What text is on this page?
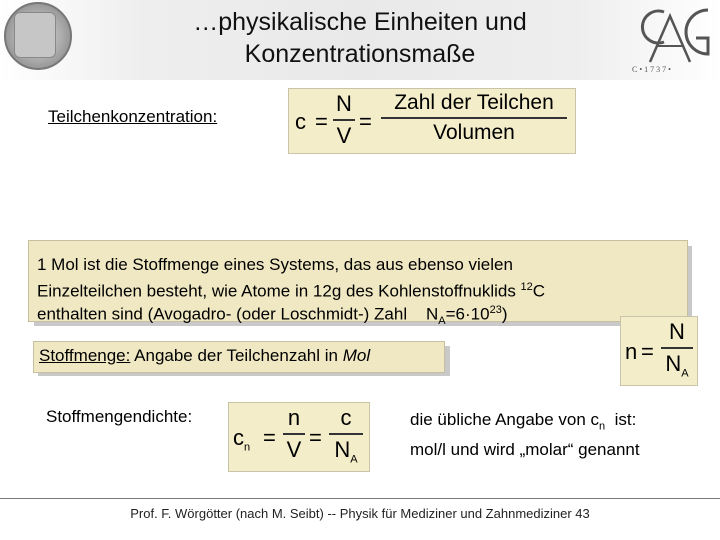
…physikalische Einheiten und
Konzentrationsmaße
C • 1 7 3 7 •
Teilchenkonzentration:	c =
N
V
=
Zahl der Teilchen
Volumen
1 Mol ist die Stoffmenge eines Systems, das aus ebenso vielen
Einzelteilchen besteht, wie Atome in 12g des Kohlenstoffnuklids $^{12}$C
enthalten sind (Avogadro- (oder Loschmidt-) Zahl    $N_A=6\cdot 10^{23}$)
n =
N
$N_A$
Stoffmenge: Angabe der Teilchenzahl in Mol
Stoffmengendichte:
$c_n$ =
n
V =
c
$N_A$
die übliche Angabe von $c_n$  ist:
mol/l und wird „molar“ genannt
Prof. F. Wörgötter (nach M. Seibt) -- Physik für Mediziner und Zahnmediziner 43
